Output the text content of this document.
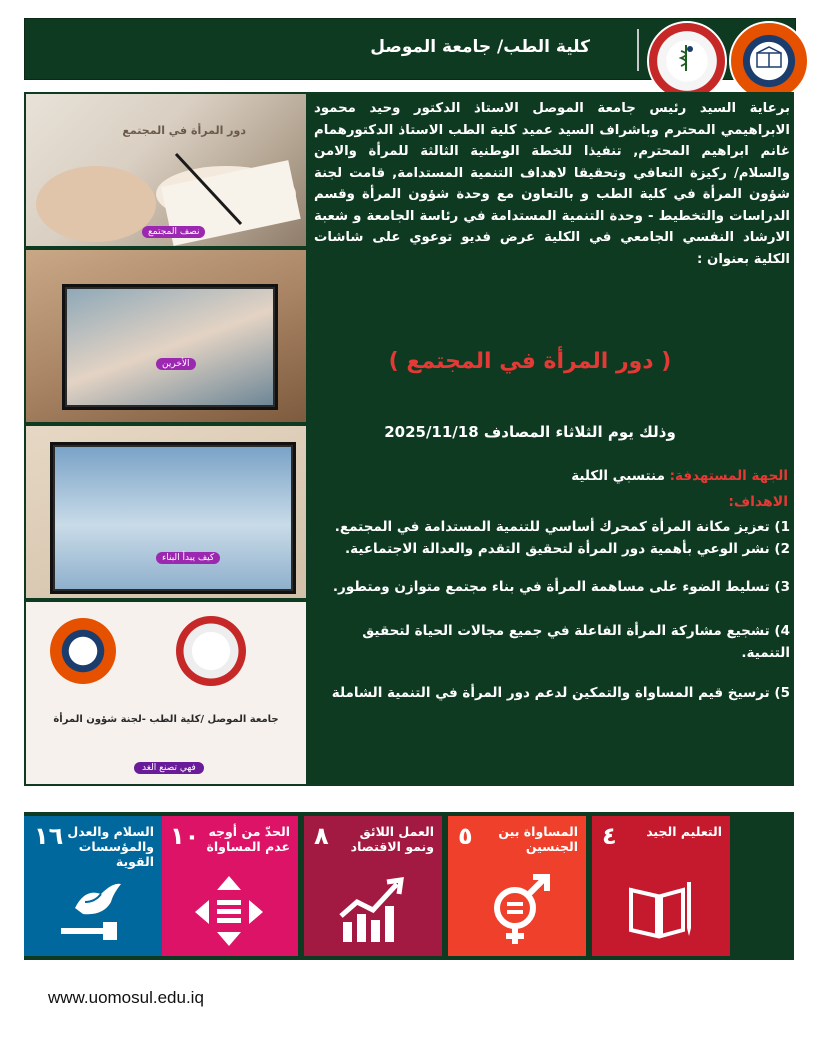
كلية الطب/ جامعة الموصل
دور المرأة في المجتمع
نصف المجتمع
الأخرين
كيف يبدأ البناء
جامعة الموصل /كلية الطب -لجنة شؤون المرأة
فهي تصنع الغد
برعاية السيد رئيس جامعة الموصل الاستاذ الدكتور وحيد محمود الابراهيمي المحترم وباشراف السيد عميد كلية الطب الاستاذ الدكتورهمام غانم ابراهيم المحترم, تنفيذا للخطة الوطنية الثالثة للمرأة والامن والسلام/ ركيزة التعافي وتحقيقا لاهداف التنمية المستدامة, قامت لجنة شؤون المرأة في كلية الطب و بالتعاون مع وحدة شؤون المرأة وقسم الدراسات والتخطيط - وحدة التنمية المستدامة في رئاسة الجامعة و شعبة الارشاد النفسي الجامعي في الكلية عرض فديو توعوي على شاشات الكلية بعنوان :
( دور المرأة في المجتمع )
وذلك يوم الثلاثاء المصادف 2025/11/18
الجهة المستهدفة: منتسبي الكلية
الاهداف:
1) تعزيز مكانة المرأة كمحرك أساسي للتنمية المستدامة في المجتمع.
2) نشر الوعي بأهمية دور المرأة لتحقيق التقدم والعدالة الاجتماعية.
3) تسليط الضوء على مساهمة المرأة في بناء مجتمع متوازن ومتطور.
4) تشجيع مشاركة المرأة الفاعلة في جميع مجالات الحياة لتحقيق التنمية.
5) ترسيخ قيم المساواة والتمكين لدعم دور المرأة في التنمية الشاملة
٤	التعليم الجيد
٥	المساواة بين الجنسين
٨	العمل اللائق ونمو الاقتصاد
١٠ الحدّ من أوجه عدم المساواة
١٦ السلام والعدل والمؤسسات القوية
www.uomosul.edu.iq
